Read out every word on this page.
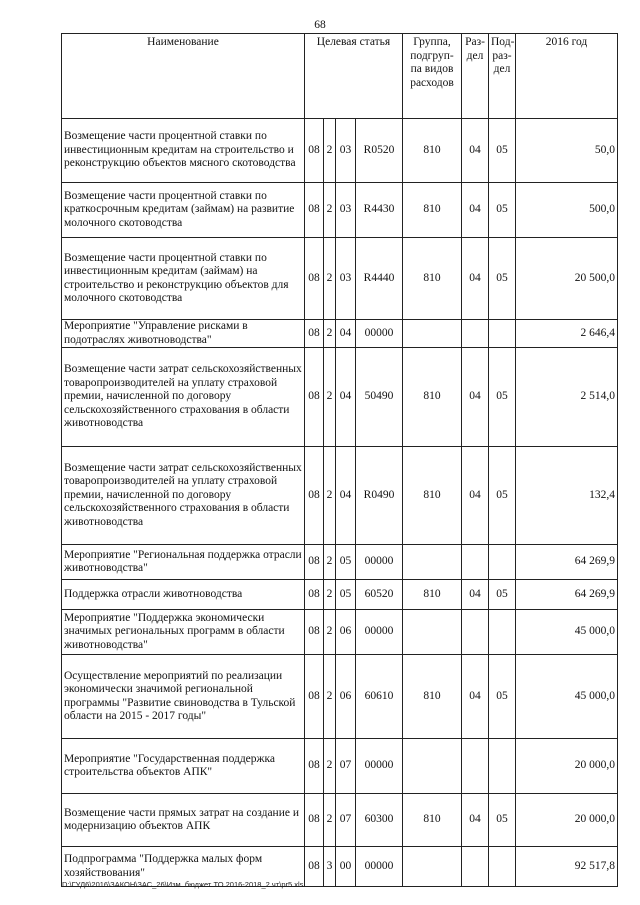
68
Наименование	Целевая статья				Группа, подгруп-па видов расходов	Раз-дел	Под-раз-дел	2016 год
Возмещение части процентной ставки по инвестиционным кредитам на строительство и реконструкцию объектов мясного скотоводства	08	2	03	R0520	810	04	05	50,0
Возмещение части процентной ставки по краткосрочным кредитам (займам) на развитие молочного скотоводства	08	2	03	R4430	810	04	05	500,0
Возмещение части процентной ставки по инвестиционным кредитам (займам) на строительство и реконструкцию объектов для молочного скотоводства	08	2	03	R4440	810	04	05	20 500,0
Мероприятие "Управление рисками в подотраслях животноводства"	08	2	04	00000				2 646,4
Возмещение части затрат сельскохозяйственных товаропроизводителей на уплату страховой премии, начисленной по договору сельскохозяйственного страхования в области животноводства	08	2	04	50490	810	04	05	2 514,0
Возмещение части затрат сельскохозяйственных товаропроизводителей на уплату страховой премии, начисленной по договору сельскохозяйственного страхования в области животноводства	08	2	04	R0490	810	04	05	132,4
Мероприятие "Региональная поддержка отрасли животноводства"	08	2	05	00000				64 269,9
Поддержка отрасли животноводства	08	2	05	60520	810	04	05	64 269,9
Мероприятие "Поддержка экономически значимых региональных программ в области животноводства"	08	2	06	00000				45 000,0
Осуществление мероприятий по реализации экономически значимой региональной программы "Развитие свиноводства в Тульской области на 2015 - 2017 годы"	08	2	06	60610	810	04	05	45 000,0
Мероприятие "Государственная поддержка строительства объектов АПК"	08	2	07	00000				20 000,0
Возмещение части прямых затрат на создание и модернизацию объектов АПК	08	2	07	60300	810	04	05	20 000,0
Подпрограмма "Поддержка малых форм хозяйствования"	08	3	00	00000				92 517,8
D:\ГУД6\2016\ЗАКОН\ЗАС_26\Изм. бюджет ТО 2016-2018_2 чт\pr5.xls
